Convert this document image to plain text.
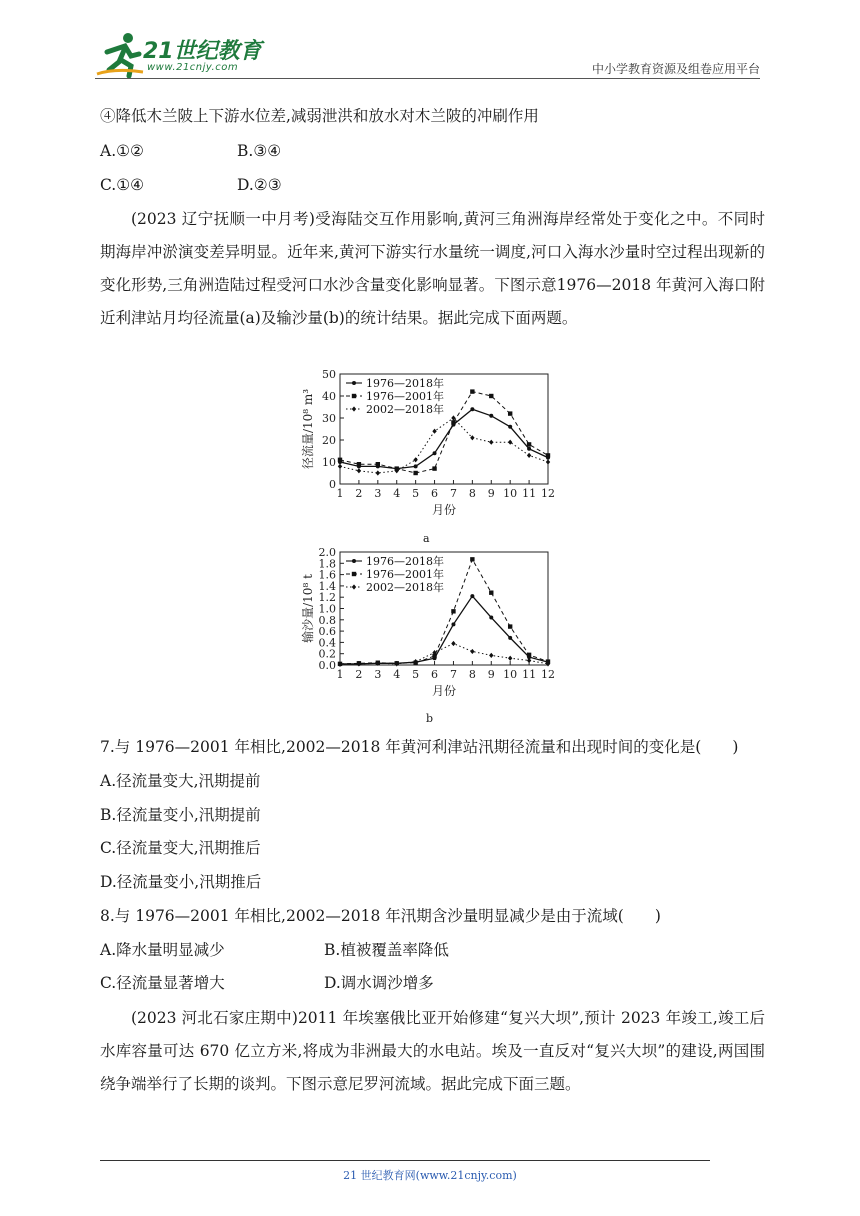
21世纪教育
www.21cnjy.com	中小学教育资源及组卷应用平台
④降低木兰陂上下游水位差,减弱泄洪和放水对木兰陂的冲刷作用
A.①②	B.③④
C.①④	D.②③
(2023 辽宁抚顺一中月考)受海陆交互作用影响,黄河三角洲海岸经常处于变化之中。不同时期海岸冲淤演变差异明显。近年来,黄河下游实行水量统一调度,河口入海水沙量时空过程出现新的变化形势,三角洲造陆过程受河口水沙含量变化影响显著。下图示意1976—2018 年黄河入海口附近利津站月均径流量(a)及输沙量(b)的统计结果。据此完成下面两题。
0
10
20
30
40
50
1 2 3 4 5 6 7 8 9 10 11 12
月份
径流量/10⁸ m³
1976—2018年
1976—2001年
2002—2018年
a
0.0
0.2
0.4
0.6
0.8
1.0
1.2
1.4
1.6
1.8
2.0
1 2 3 4 5 6 7 8 9 10 11 12
月份
输沙量/10⁸ t
1976—2018年
1976—2001年
2002—2018年
b
7.与 1976—2001 年相比,2002—2018 年黄河利津站汛期径流量和出现时间的变化是(　　)
A.径流量变大,汛期提前
B.径流量变小,汛期提前
C.径流量变大,汛期推后
D.径流量变小,汛期推后
8.与 1976—2001 年相比,2002—2018 年汛期含沙量明显减少是由于流域(　　)
A.降水量明显减少	B.植被覆盖率降低
C.径流量显著增大	D.调水调沙增多
(2023 河北石家庄期中)2011 年埃塞俄比亚开始修建“复兴大坝”,预计 2023 年竣工,竣工后水库容量可达 670 亿立方米,将成为非洲最大的水电站。埃及一直反对“复兴大坝”的建设,两国围绕争端举行了长期的谈判。下图示意尼罗河流域。据此完成下面三题。
21 世纪教育网(www.21cnjy.com)
